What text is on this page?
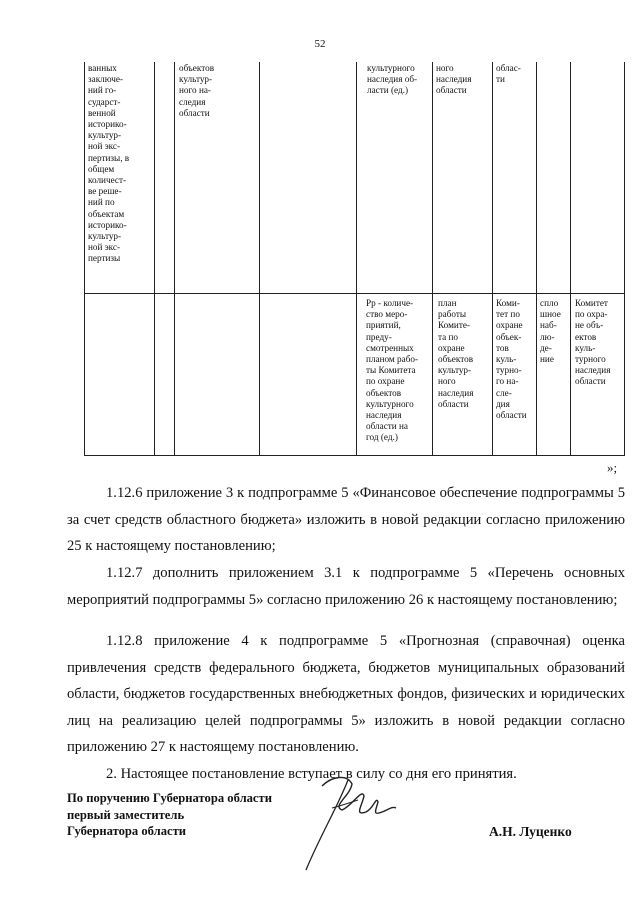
52
ванных
заключе-
ний го-
сударст-
венной
историко-
культур-
ной экс-
пертизы, в
общем
количест-
ве реше-
ний по
объектам
историко-
культур-
ной экс-
пертизы
объектов
культур-
ного на-
следия
области
культурного
наследия об-
ласти (ед.)
ного
наследия
области
облас-
ти
Рр - количе-
ство меро-
приятий,
преду-
смотренных
планом рабо-
ты Комитета
по охране
объектов
культурного
наследия
области на
год (ед.)
план
работы
Комите-
та по
охране
объектов
культур-
ного
наследия
области
Коми-
тет по
охране
объек-
тов
куль-
турно-
го на-
сле-
дия
области
спло
шное
наб-
лю-
де-
ние
Комитет
по охра-
не объ-
ектов
куль-
турного
наследия
области
»;
1.12.6 приложение 3 к подпрограмме 5 «Финансовое обеспечение подпрограммы 5 за счет средств областного бюджета» изложить в новой редакции согласно приложению 25 к настоящему постановлению;
1.12.7 дополнить приложением 3.1 к подпрограмме 5 «Перечень основных мероприятий подпрограммы 5» согласно приложению 26 к настоящему постановлению;
1.12.8 приложение 4 к подпрограмме 5 «Прогнозная (справочная) оценка привлечения средств федерального бюджета, бюджетов муниципальных образований области, бюджетов государственных внебюджетных фондов, физических и юридических лиц на реализацию целей подпрограммы 5» изложить в новой редакции согласно приложению 27 к настоящему постановлению.
2. Настоящее постановление вступает в силу со дня его принятия.
По поручению Губернатора области
первый заместитель
Губернатора области	А.Н. Луценко
